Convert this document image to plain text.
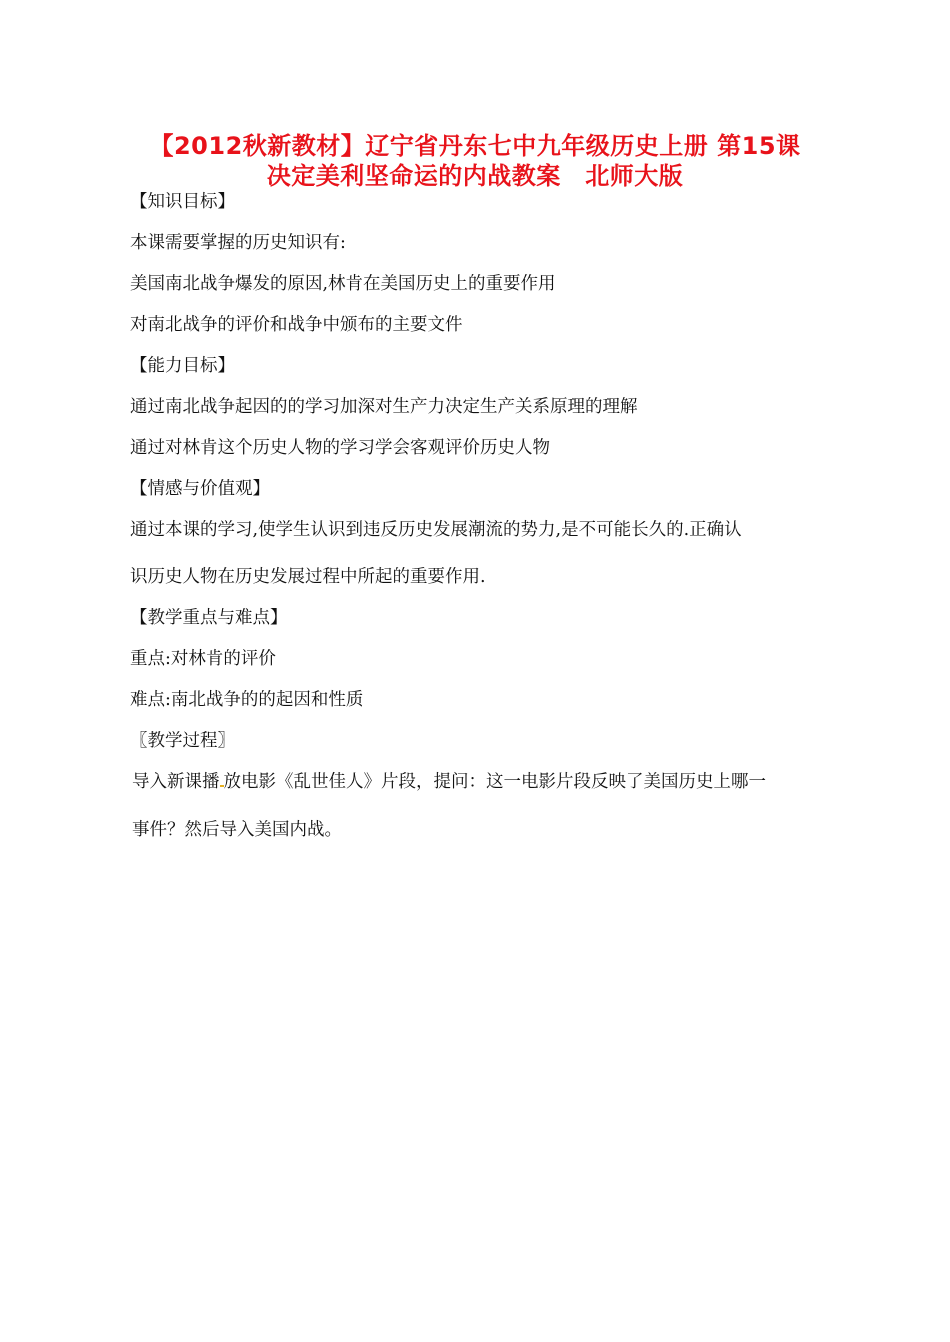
【2012秋新教材】辽宁省丹东七中九年级历史上册 第15课
决定美利坚命运的内战教案　北师大版
【知识目标】
本课需要掌握的历史知识有:
美国南北战争爆发的原因,林肯在美国历史上的重要作用
对南北战争的评价和战争中颁布的主要文件
【能力目标】
通过南北战争起因的的学习加深对生产力决定生产关系原理的理解
通过对林肯这个历史人物的学习学会客观评价历史人物
【情感与价值观】
通过本课的学习,使学生认识到违反历史发展潮流的势力,是不可能长久的.正确认
识历史人物在历史发展过程中所起的重要作用.
【教学重点与难点】
重点:对林肯的评价
难点:南北战争的的起因和性质
〖教学过程〗
导入新课播 放电影《乱世佳人》片段，提问：这一电影片段反映了美国历史上哪一
事件？然后导入美国内战。
